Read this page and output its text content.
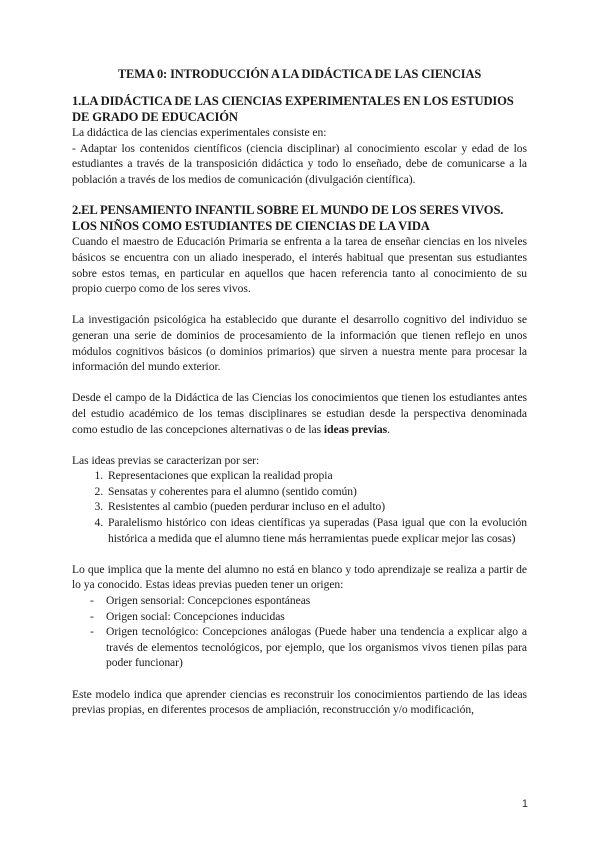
TEMA 0: INTRODUCCIÓN A LA DIDÁCTICA DE LAS CIENCIAS
1.LA DIDÁCTICA DE LAS CIENCIAS EXPERIMENTALES EN LOS ESTUDIOS DE GRADO DE EDUCACIÓN

La didáctica de las ciencias experimentales consiste en:

- Adaptar los contenidos científicos (ciencia disciplinar) al conocimiento escolar y edad de los estudiantes a través de la transposición didáctica y todo lo enseñado, debe de comunicarse a la población a través de los medios de comunicación (divulgación científica).

2.EL PENSAMIENTO INFANTIL SOBRE EL MUNDO DE LOS SERES VIVOS. LOS NIÑOS COMO ESTUDIANTES DE CIENCIAS DE LA VIDA

Cuando el maestro de Educación Primaria se enfrenta a la tarea de enseñar ciencias en los niveles básicos se encuentra con un aliado inesperado, el interés habitual que presentan sus estudiantes sobre estos temas, en particular en aquellos que hacen referencia tanto al conocimiento de su propio cuerpo como de los seres vivos.

La investigación psicológica ha establecido que durante el desarrollo cognitivo del individuo se generan una serie de dominios de procesamiento de la información que tienen reflejo en unos módulos cognitivos básicos (o dominios primarios) que sirven a nuestra mente para procesar la información del mundo exterior.

Desde el campo de la Didáctica de las Ciencias los conocimientos que tienen los estudiantes antes del estudio académico de los temas disciplinares se estudian desde la perspectiva denominada como estudio de las concepciones alternativas o de las ideas previas.

Las ideas previas se caracterizan por ser:

1. Representaciones que explican la realidad propia
2. Sensatas y coherentes para el alumno (sentido común)
3. Resistentes al cambio (pueden perdurar incluso en el adulto)
4. Paralelismo histórico con ideas científicas ya superadas (Pasa igual que con la evolución histórica a medida que el alumno tiene más herramientas puede explicar mejor las cosas)

Lo que implica que la mente del alumno no está en blanco y todo aprendizaje se realiza a partir de lo ya conocido. Estas ideas previas pueden tener un origen:

- Origen sensorial: Concepciones espontáneas
- Origen social: Concepciones inducidas
- Origen tecnológico: Concepciones análogas (Puede haber una tendencia a explicar algo a través de elementos tecnológicos, por ejemplo, que los organismos vivos tienen pilas para poder funcionar)

Este modelo indica que aprender ciencias es reconstruir los conocimientos partiendo de las ideas previas propias, en diferentes procesos de ampliación, reconstrucción y/o modificación,

1
